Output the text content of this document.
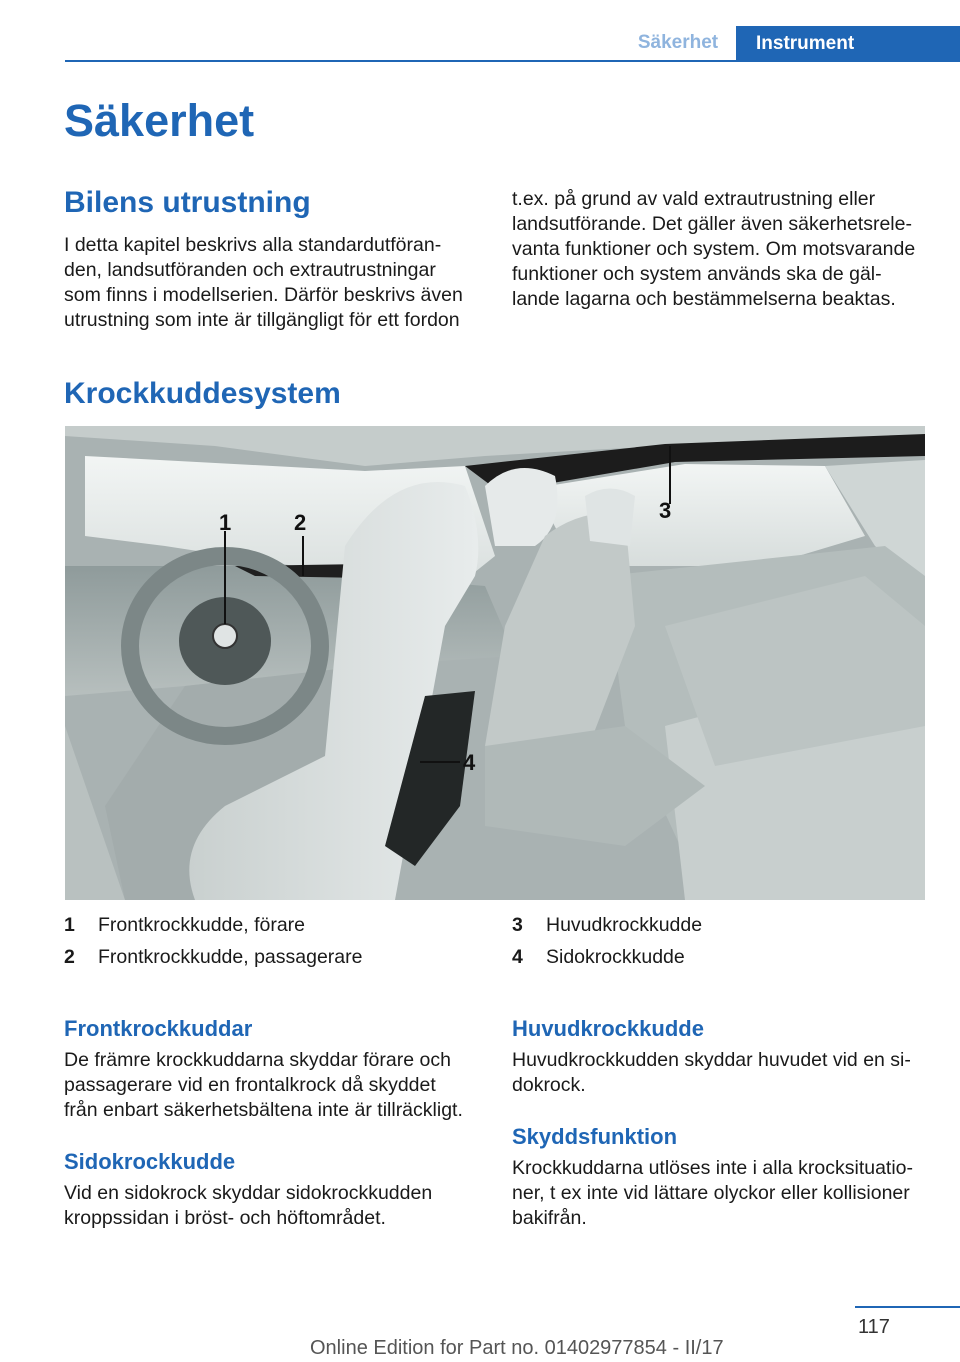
Säkerhet	Instrument
Säkerhet
Bilens utrustning
I detta kapitel beskrivs alla standardutföran-
den, landsutföranden och extrautrustningar
som finns i modellserien. Därför beskrivs även
utrustning som inte är tillgängligt för ett fordon
t.ex. på grund av vald extrautrustning eller
landsutförande. Det gäller även säkerhetsrele-
vanta funktioner och system. Om motsvarande
funktioner och system används ska de gäl-
lande lagarna och bestämmelserna beaktas.
Krockkuddesystem
1	2	3
4
1 Frontkrockkudde, förare
2 Frontkrockkudde, passagerare
3 Huvudkrockkudde
4 Sidokrockkudde
Frontkrockkuddar
De främre krockkuddarna skyddar förare och
passagerare vid en frontalkrock då skyddet
från enbart säkerhetsbältena inte är tillräckligt.
Sidokrockkudde
Vid en sidokrock skyddar sidokrockkudden
kroppssidan i bröst- och höftområdet.
Huvudkrockkudde
Huvudkrockkudden skyddar huvudet vid en si-
dokrock.
Skyddsfunktion
Krockkuddarna utlöses inte i alla krocksituatio-
ner, t ex inte vid lättare olyckor eller kollisioner
bakifrån.
117
Online Edition for Part no. 01402977854 - II/17
